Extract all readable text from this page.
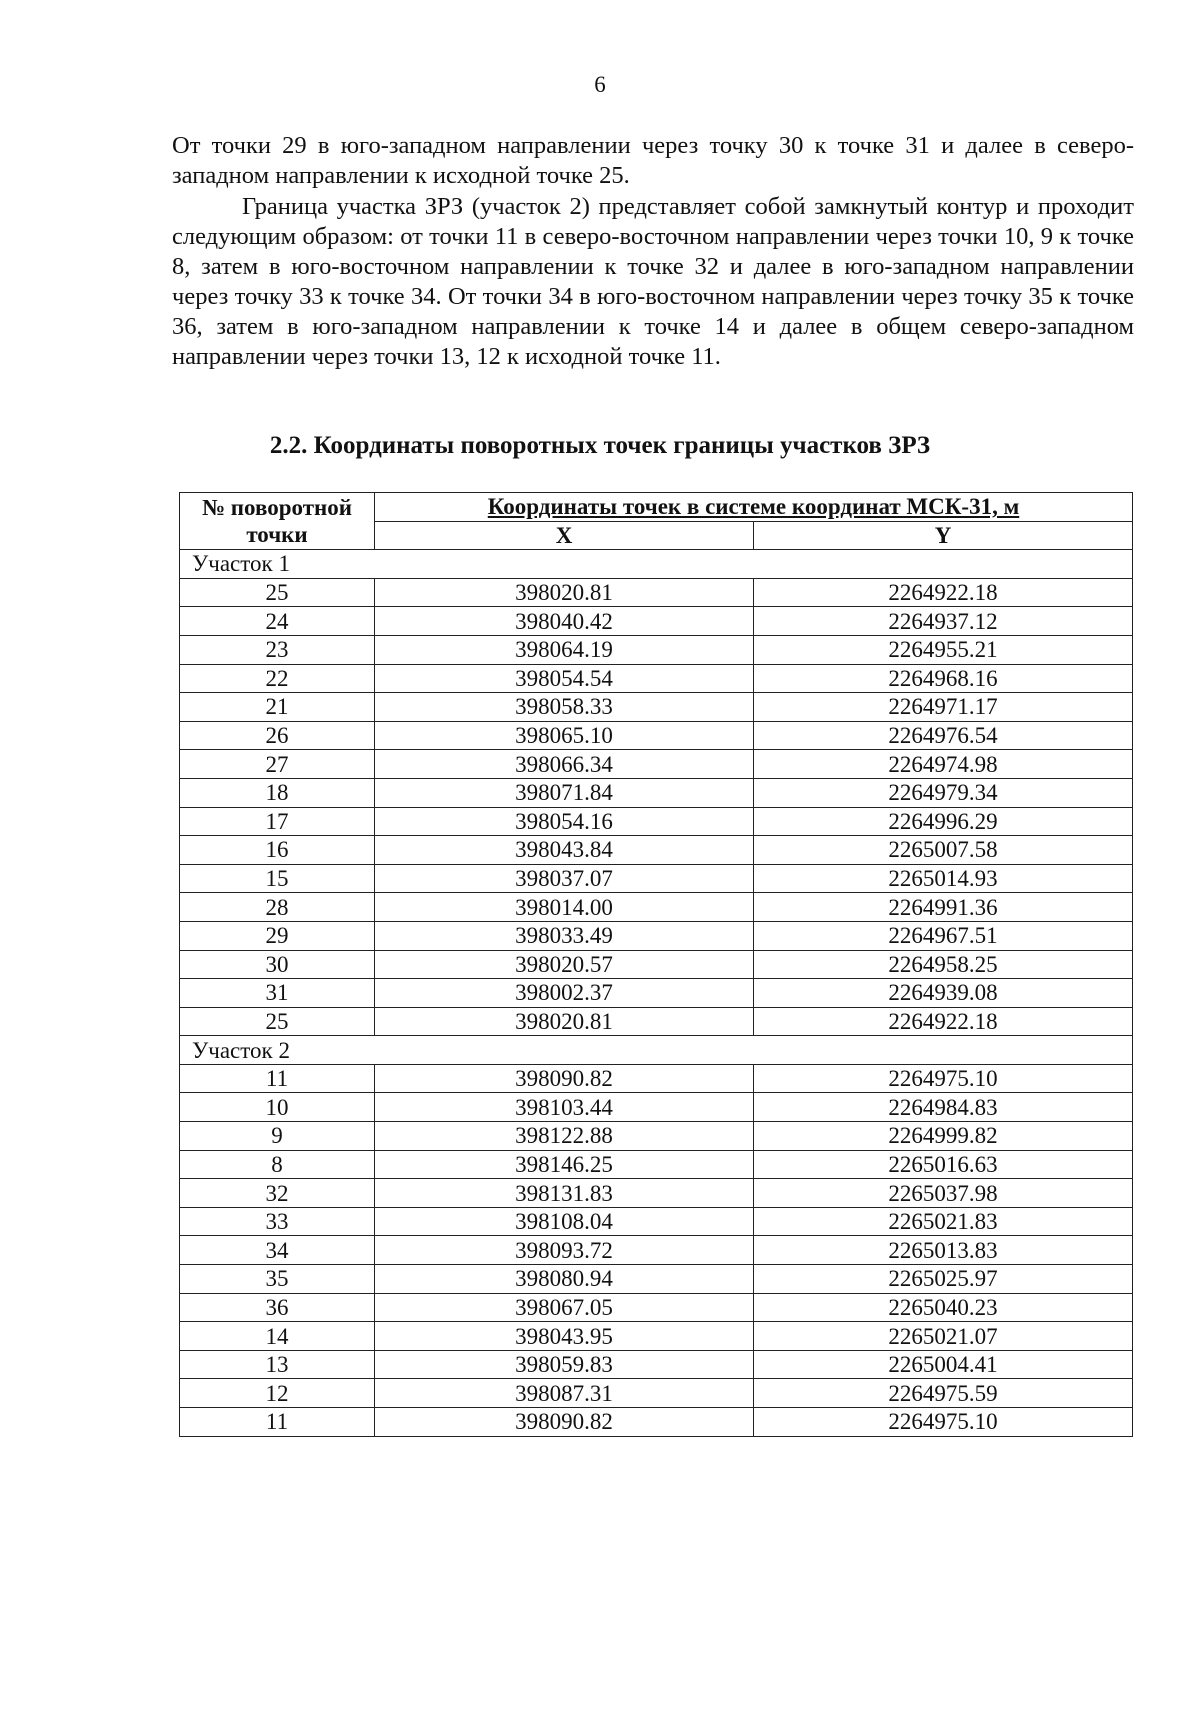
6

От точки 29 в юго-западном направлении через точку 30 к точке 31 и далее в северо-западном направлении к исходной точке 25.

Граница участка ЗРЗ (участок 2) представляет собой замкнутый контур и проходит следующим образом: от точки 11 в северо-восточном направлении через точки 10, 9 к точке 8, затем в юго-восточном направлении к точке 32 и далее в юго-западном направлении через точку 33 к точке 34. От точки 34 в юго-восточном направлении через точку 35 к точке 36, затем в юго-западном направлении к точке 14 и далее в общем северо-западном направлении через точки 13, 12 к исходной точке 11.

2.2. Координаты поворотных точек границы участков ЗРЗ
№ поворотной точки	Координаты точек в системе координат МСК-31, м	
	X	Y
Участок 1		
25	398020.81	2264922.18
24	398040.42	2264937.12
23	398064.19	2264955.21
22	398054.54	2264968.16
21	398058.33	2264971.17
26	398065.10	2264976.54
27	398066.34	2264974.98
18	398071.84	2264979.34
17	398054.16	2264996.29
16	398043.84	2265007.58
15	398037.07	2265014.93
28	398014.00	2264991.36
29	398033.49	2264967.51
30	398020.57	2264958.25
31	398002.37	2264939.08
25	398020.81	2264922.18
Участок 2		
11	398090.82	2264975.10
10	398103.44	2264984.83
9	398122.88	2264999.82
8	398146.25	2265016.63
32	398131.83	2265037.98
33	398108.04	2265021.83
34	398093.72	2265013.83
35	398080.94	2265025.97
36	398067.05	2265040.23
14	398043.95	2265021.07
13	398059.83	2265004.41
12	398087.31	2264975.59
11	398090.82	2264975.10
